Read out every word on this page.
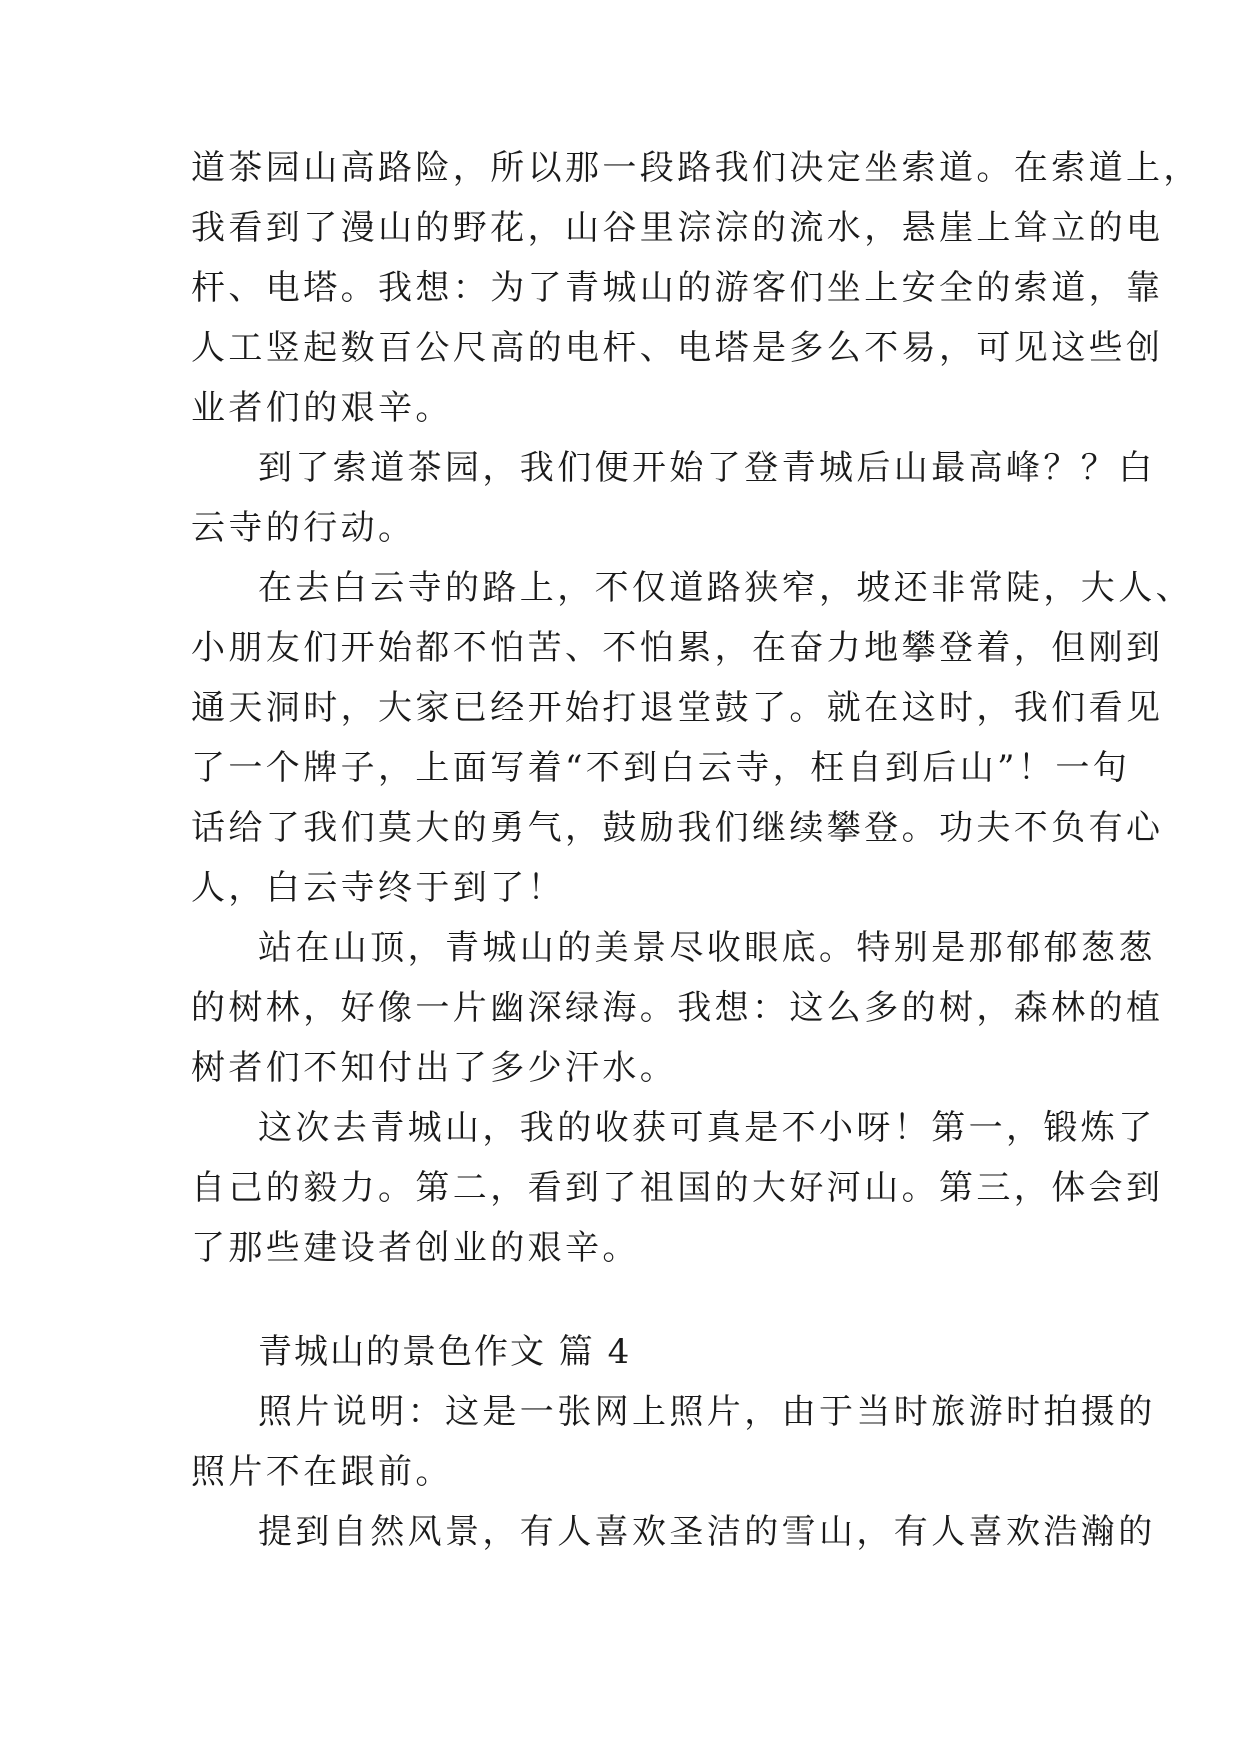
道茶园山高路险，所以那一段路我们决定坐索道。在索道上，
我看到了漫山的野花，山谷里淙淙的流水，悬崖上耸立的电
杆、电塔。我想：为了青城山的游客们坐上安全的索道，靠
人工竖起数百公尺高的电杆、电塔是多么不易，可见这些创
业者们的艰辛。
到了索道茶园，我们便开始了登青城后山最高峰？？白
云寺的行动。
在去白云寺的路上，不仅道路狭窄，坡还非常陡，大人、
小朋友们开始都不怕苦、不怕累，在奋力地攀登着，但刚到
通天洞时，大家已经开始打退堂鼓了。就在这时，我们看见
了一个牌子，上面写着“不到白云寺，枉自到后山”！一句
话给了我们莫大的勇气，鼓励我们继续攀登。功夫不负有心
人，白云寺终于到了！
站在山顶，青城山的美景尽收眼底。特别是那郁郁葱葱
的树林，好像一片幽深绿海。我想：这么多的树，森林的植
树者们不知付出了多少汗水。
这次去青城山，我的收获可真是不小呀！第一，锻炼了
自己的毅力。第二，看到了祖国的大好河山。第三，体会到
了那些建设者创业的艰辛。
青城山的景色作文 篇 4
照片说明：这是一张网上照片，由于当时旅游时拍摄的
照片不在跟前。
提到自然风景，有人喜欢圣洁的雪山，有人喜欢浩瀚的
